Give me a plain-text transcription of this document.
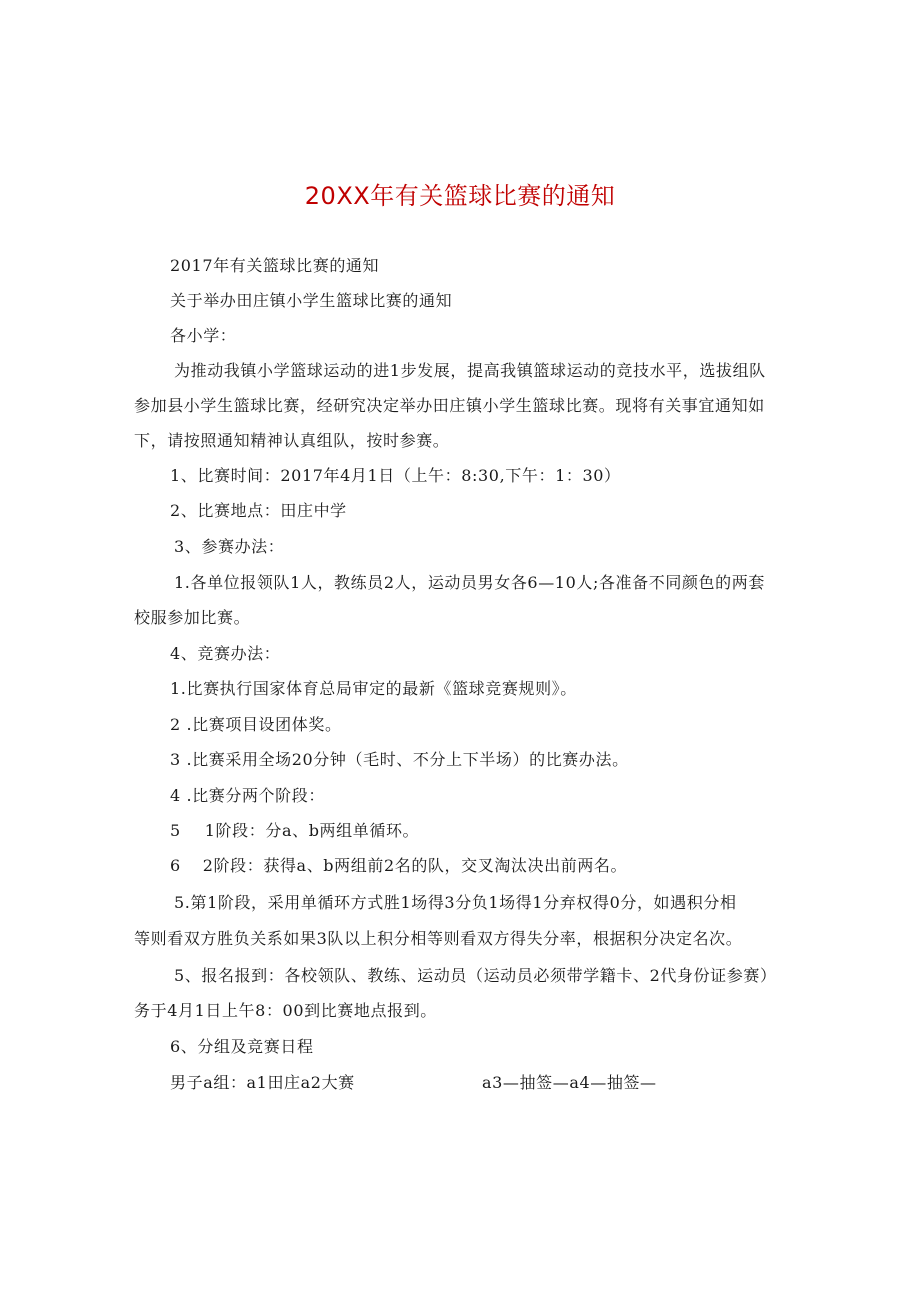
20XX年有关篮球比赛的通知
2017年有关篮球比赛的通知
关于举办田庄镇小学生篮球比赛的通知
各小学：
为推动我镇小学篮球运动的进1步发展，提高我镇篮球运动的竞技水平，选拔组队
参加县小学生篮球比赛，经研究决定举办田庄镇小学生篮球比赛。现将有关事宜通知如
下，请按照通知精神认真组队，按时参赛。
1、比赛时间：2017年4月1日（上午：8:30,下午：1：30）
2、比赛地点：田庄中学
3、参赛办法：
1.各单位报领队1人，教练员2人，运动员男女各6—10人;各准备不同颜色的两套
校服参加比赛。
4、竞赛办法：
1.比赛执行国家体育总局审定的最新《篮球竞赛规则》。
2 .比赛项目设团体奖。
3 .比赛采用全场20分钟（毛时、不分上下半场）的比赛办法。
4 .比赛分两个阶段：
5 1阶段：分a、b两组单循环。
6 2阶段：获得a、b两组前2名的队，交叉淘汰决出前两名。
5.第1阶段，采用单循环方式胜1场得3分负1场得1分弃权得0分，如遇积分相
等则看双方胜负关系如果3队以上积分相等则看双方得失分率，根据积分决定名次。
5、报名报到：各校领队、教练、运动员（运动员必须带学籍卡、2代身份证参赛）
务于4月1日上午8：00到比赛地点报到。
6、分组及竞赛日程
男子a组：a1田庄a2大赛	a3—抽签—a4—抽签—
